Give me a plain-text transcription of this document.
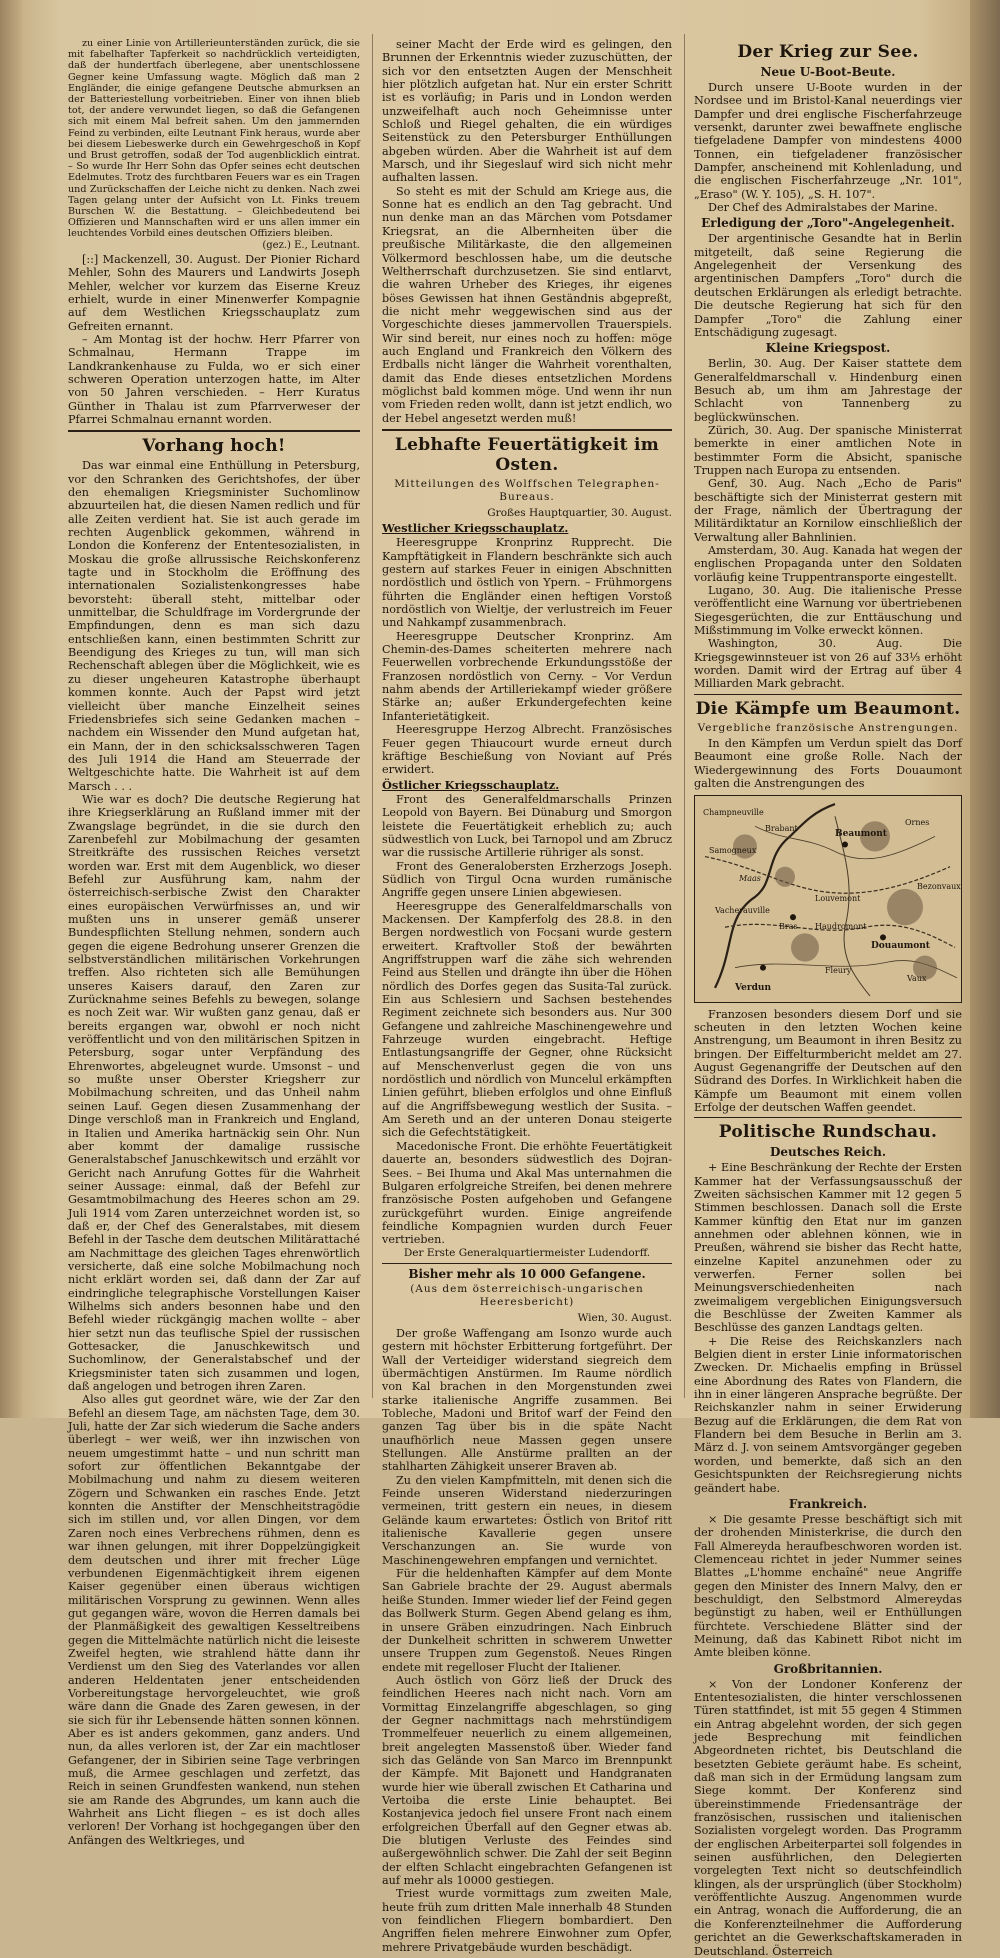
zu einer Linie von Artillerieunterständen zurück, die sie mit fabelhafter Tapferkeit so nachdrücklich verteidigten, daß der hundertfach überlegene, aber unentschlossene Gegner keine Umfassung wagte. Möglich daß man 2 Engländer, die einige gefangene Deutsche abmurksen an der Batteriestellung vorbeitrieben. Einer von ihnen blieb tot, der andere verwundet liegen, so daß die Gefangenen sich mit einem Mal befreit sahen. Um den jammernden Feind zu verbinden, eilte Leutnant Fink heraus, wurde aber bei diesem Liebeswerke durch ein Gewehrgeschoß in Kopf und Brust getroffen, sodaß der Tod augenblicklich eintrat. – So wurde Ihr Herr Sohn das Opfer seines echt deutschen Edelmutes. Trotz des furchtbaren Feuers war es ein Tragen und Zurückschaffen der Leiche nicht zu denken. Nach zwei Tagen gelang unter der Aufsicht von Lt. Finks treuem Burschen W. die Bestattung. – Gleichbedeutend bei Offizieren und Mannschaften wird er uns allen immer ein leuchtendes Vorbild eines deutschen Offiziers bleiben.

(gez.) E., Leutnant.

[::] Mackenzell, 30. August. Der Pionier Richard Mehler, Sohn des Maurers und Landwirts Joseph Mehler, welcher vor kurzem das Eiserne Kreuz erhielt, wurde in einer Minenwerfer Kompagnie auf dem Westlichen Kriegsschauplatz zum Gefreiten ernannt.

– Am Montag ist der hochw. Herr Pfarrer von Schmalnau, Hermann Trappe im Landkrankenhause zu Fulda, wo er sich einer schweren Operation unterzogen hatte, im Alter von 50 Jahren verschieden. – Herr Kuratus Günther in Thalau ist zum Pfarrverweser der Pfarrei Schmalnau ernannt worden.

Vorhang hoch!

Das war einmal eine Enthüllung in Petersburg, vor den Schranken des Gerichtshofes, der über den ehemaligen Kriegsminister Suchomlinow abzuurteilen hat, die diesen Namen redlich und für alle Zeiten verdient hat. Sie ist auch gerade im rechten Augenblick gekommen, während in London die Konferenz der Ententesozialisten, in Moskau die große allrussische Reichskonferenz tagte und in Stockholm die Eröffnung des internationalen Sozialistenkongresses habe bevorsteht: überall steht, mittelbar oder unmittelbar, die Schuldfrage im Vordergrunde der Empfindungen, denn es man sich dazu entschließen kann, einen bestimmten Schritt zur Beendigung des Krieges zu tun, will man sich Rechenschaft ablegen über die Möglichkeit, wie es zu dieser ungeheuren Katastrophe überhaupt kommen konnte. Auch der Papst wird jetzt vielleicht über manche Einzelheit seines Friedensbriefes sich seine Gedanken machen – nachdem ein Wissender den Mund aufgetan hat, ein Mann, der in den schicksalsschweren Tagen des Juli 1914 die Hand am Steuerrade der Weltgeschichte hatte. Die Wahrheit ist auf dem Marsch . . .

Wie war es doch? Die deutsche Regierung hat ihre Kriegserklärung an Rußland immer mit der Zwangslage begründet, in die sie durch den Zarenbefehl zur Mobilmachung der gesamten Streitkräfte des russischen Reiches versetzt worden war. Erst mit dem Augenblick, wo dieser Befehl zur Ausführung kam, nahm der österreichisch-serbische Zwist den Charakter eines europäischen Verwürfnisses an, und wir mußten uns in unserer gemäß unserer Bundespflichten Stellung nehmen, sondern auch gegen die eigene Bedrohung unserer Grenzen die selbstverständlichen militärischen Vorkehrungen treffen. Also richteten sich alle Bemühungen unseres Kaisers darauf, den Zaren zur Zurücknahme seines Befehls zu bewegen, solange es noch Zeit war. Wir wußten ganz genau, daß er bereits ergangen war, obwohl er noch nicht veröffentlicht und von den militärischen Spitzen in Petersburg, sogar unter Verpfändung des Ehrenwortes, abgeleugnet wurde. Umsonst – und so mußte unser Oberster Kriegsherr zur Mobilmachung schreiten, und das Unheil nahm seinen Lauf. Gegen diesen Zusammenhang der Dinge verschloß man in Frankreich und England, in Italien und Amerika hartnäckig sein Ohr. Nun aber kommt der damalige russische Generalstabschef Januschkewitsch und erzählt vor Gericht nach Anrufung Gottes für die Wahrheit seiner Aussage: einmal, daß der Befehl zur Gesamtmobilmachung des Heeres schon am 29. Juli 1914 vom Zaren unterzeichnet worden ist, so daß er, der Chef des Generalstabes, mit diesem Befehl in der Tasche dem deutschen Militärattaché am Nachmittage des gleichen Tages ehrenwörtlich versicherte, daß eine solche Mobilmachung noch nicht erklärt worden sei, daß dann der Zar auf eindringliche telegraphische Vorstellungen Kaiser Wilhelms sich anders besonnen habe und den Befehl wieder rückgängig machen wollte – aber hier setzt nun das teuflische Spiel der russischen Gottesacker, die Januschkewitsch und Suchomlinow, der Generalstabschef und der Kriegsminister taten sich zusammen und logen, daß angelogen und betrogen ihren Zaren.

Also alles gut geordnet wäre, wie der Zar den Befehl an diesem Tage, am nächsten Tage, dem 30. Juli, hatte der Zar sich wiederum die Sache anders überlegt – wer weiß, wer ihn inzwischen von neuem umgestimmt hatte – und nun schritt man sofort zur öffentlichen Bekanntgabe der Mobilmachung und nahm zu diesem weiteren Zögern und Schwanken ein rasches Ende. Jetzt konnten die Anstifter der Menschheitstragödie sich im stillen und, vor allen Dingen, vor dem Zaren noch eines Verbrechens rühmen, denn es war ihnen gelungen, mit ihrer Doppelzüngigkeit dem deutschen und ihrer mit frecher Lüge verbundenen Eigenmächtigkeit ihrem eigenen Kaiser gegenüber einen überaus wichtigen militärischen Vorsprung zu gewinnen. Wenn alles gut gegangen wäre, wovon die Herren damals bei der Planmäßigkeit des gewaltigen Kesseltreibens gegen die Mittelmächte natürlich nicht die leiseste Zweifel hegten, wie strahlend hätte dann ihr Verdienst um den Sieg des Vaterlandes vor allen anderen Heldentaten jener entscheidenden Vorbereitungstage hervorgeleuchtet, wie groß wäre dann die Gnade des Zaren gewesen, in der sie sich für ihr Lebensende hätten sonnen können. Aber es ist anders gekommen, ganz anders. Und nun, da alles verloren ist, der Zar ein machtloser Gefangener, der in Sibirien seine Tage verbringen muß, die Armee geschlagen und zerfetzt, das Reich in seinen Grundfesten wankend, nun stehen sie am Rande des Abgrundes, um kann auch die Wahrheit ans Licht fliegen – es ist doch alles verloren! Der Vorhang ist hochgegangen über den Anfängen des Weltkrieges, und

seiner Macht der Erde wird es gelingen, den Brunnen der Erkenntnis wieder zuzuschütten, der sich vor den entsetzten Augen der Menschheit hier plötzlich aufgetan hat. Nur ein erster Schritt ist es vorläufig; in Paris und in London werden unzweifelhaft auch noch Geheimnisse unter Schloß und Riegel gehalten, die ein würdiges Seitenstück zu den Petersburger Enthüllungen abgeben würden. Aber die Wahrheit ist auf dem Marsch, und ihr Siegeslauf wird sich nicht mehr aufhalten lassen.

So steht es mit der Schuld am Kriege aus, die Sonne hat es endlich an den Tag gebracht. Und nun denke man an das Märchen vom Potsdamer Kriegsrat, an die Albernheiten über die preußische Militärkaste, die den allgemeinen Völkermord beschlossen habe, um die deutsche Weltherrschaft durchzusetzen. Sie sind entlarvt, die wahren Urheber des Krieges, ihr eigenes böses Gewissen hat ihnen Geständnis abgepreßt, die nicht mehr weggewischen sind aus der Vorgeschichte dieses jammervollen Trauerspiels. Wir sind bereit, nur eines noch zu hoffen: möge auch England und Frankreich den Völkern des Erdballs nicht länger die Wahrheit vorenthalten, damit das Ende dieses entsetzlichen Mordens möglichst bald kommen möge. Und wenn ihr nun vom Frieden reden wollt, dann ist jetzt endlich, wo der Hebel angesetzt werden muß!

Lebhafte Feuertätigkeit im Osten.
Mitteilungen des Wolffschen Telegraphen-Bureaus.
Großes Hauptquartier, 30. August.
Westlicher Kriegsschauplatz.

Heeresgruppe Kronprinz Rupprecht. Die Kampftätigkeit in Flandern beschränkte sich auch gestern auf starkes Feuer in einigen Abschnitten nordöstlich und östlich von Ypern. – Frühmorgens führten die Engländer einen heftigen Vorstoß nordöstlich von Wieltje, der verlustreich im Feuer und Nahkampf zusammenbrach.

Heeresgruppe Deutscher Kronprinz. Am Chemin-des-Dames scheiterten mehrere nach Feuerwellen vorbrechende Erkundungsstöße der Franzosen nordöstlich von Cerny. – Vor Verdun nahm abends der Artilleriekampf wieder größere Stärke an; außer Erkundergefechten keine Infanterietätigkeit.

Heeresgruppe Herzog Albrecht. Französisches Feuer gegen Thiaucourt wurde erneut durch kräftige Beschießung von Noviant auf Prés erwidert.

Östlicher Kriegsschauplatz.

Front des Generalfeldmarschalls Prinzen Leopold von Bayern. Bei Dünaburg und Smorgon leistete die Feuertätigkeit erheblich zu; auch südwestlich von Luck, bei Tarnopol und am Zbrucz war die russische Artillerie rühriger als sonst.

Front des Generalobersten Erzherzogs Joseph. Südlich von Tirgul Ocna wurden rumänische Angriffe gegen unsere Linien abgewiesen.

Heeresgruppe des Generalfeldmarschalls von Mackensen. Der Kampferfolg des 28.8. in den Bergen nordwestlich von Focșani wurde gestern erweitert. Kraftvoller Stoß der bewährten Angriffstruppen warf die zähe sich wehrenden Feind aus Stellen und drängte ihn über die Höhen nördlich des Dorfes gegen das Susita-Tal zurück. Ein aus Schlesiern und Sachsen bestehendes Regiment zeichnete sich besonders aus. Nur 300 Gefangene und zahlreiche Maschinengewehre und Fahrzeuge wurden eingebracht. Heftige Entlastungsangriffe der Gegner, ohne Rücksicht auf Menschenverlust gegen die von uns nordöstlich und nördlich von Muncelul erkämpften Linien geführt, blieben erfolglos und ohne Einfluß auf die Angriffsbewegung westlich der Susita. – Am Sereth und an der unteren Donau steigerte sich die Gefechtstätigkeit.

Macedonische Front. Die erhöhte Feuertätigkeit dauerte an, besonders südwestlich des Dojran-Sees. – Bei Ihuma und Akal Mas unternahmen die Bulgaren erfolgreiche Streifen, bei denen mehrere französische Posten aufgehoben und Gefangene zurückgeführt wurden. Einige angreifende feindliche Kompagnien wurden durch Feuer vertrieben.

Der Erste Generalquartiermeister Ludendorff.
Bisher mehr als 10 000 Gefangene.
(Aus dem österreichisch-ungarischen Heeresbericht)
Wien, 30. August.

Der große Waffengang am Isonzo wurde auch gestern mit höchster Erbitterung fortgeführt. Der Wall der Verteidiger widerstand siegreich dem übermächtigen Anstürmen. Im Raume nördlich von Kal brachen in den Morgenstunden zwei starke italienische Angriffe zusammen. Bei Tobleche, Madoni und Britof warf der Feind den ganzen Tag über bis in die späte Nacht unaufhörlich neue Massen gegen unsere Stellungen. Alle Anstürme prallten an der stahlharten Zähigkeit unserer Braven ab.

Zu den vielen Kampfmitteln, mit denen sich die Feinde unseren Widerstand niederzuringen vermeinen, tritt gestern ein neues, in diesem Gelände kaum erwartetes: Östlich von Britof ritt italienische Kavallerie gegen unsere Verschanzungen an. Sie wurde von Maschinengewehren empfangen und vernichtet.

Für die heldenhaften Kämpfer auf dem Monte San Gabriele brachte der 29. August abermals heiße Stunden. Immer wieder lief der Feind gegen das Bollwerk Sturm. Gegen Abend gelang es ihm, in unsere Gräben einzudringen. Nach Einbruch der Dunkelheit schritten in schwerem Unwetter unsere Truppen zum Gegenstoß. Neues Ringen endete mit regelloser Flucht der Italiener.

Auch östlich von Görz ließ der Druck des feindlichen Heeres nach nicht nach. Vorn am Vormittag Einzelangriffe abgeschlagen, so ging der Gegner nachmittags nach mehrstündigem Trommelfeuer neuerlich zu einem allgemeinen, breit angelegten Massenstoß über. Wieder fand sich das Gelände von San Marco im Brennpunkt der Kämpfe. Mit Bajonett und Handgranaten wurde hier wie überall zwischen Et Catharina und Vertoiba die erste Linie behauptet. Bei Kostanjevica jedoch fiel unsere Front nach einem erfolgreichen Überfall auf den Gegner etwas ab. Die blutigen Verluste des Feindes sind außergewöhnlich schwer. Die Zahl der seit Beginn der elften Schlacht eingebrachten Gefangenen ist auf mehr als 10000 gestiegen.

Triest wurde vormittags zum zweiten Male, heute früh zum dritten Male innerhalb 48 Stunden von feindlichen Fliegern bombardiert. Den Angriffen fielen mehrere Einwohner zum Opfer, mehrere Privatgebäude wurden beschädigt.

Der Krieg zur See.
Neue U-Boot-Beute.

Durch unsere U-Boote wurden in der Nordsee und im Bristol-Kanal neuerdings vier Dampfer und drei englische Fischerfahrzeuge versenkt, darunter zwei bewaffnete englische tiefgeladene Dampfer von mindestens 4000 Tonnen, ein tiefgeladener französischer Dampfer, anscheinend mit Kohlenladung, und die englischen Fischerfahrzeuge „Nr. 101", „Eraso" (W. Y. 105), „S. H. 107".

Der Chef des Admiralstabes der Marine.

Erledigung der „Toro"-Angelegenheit.

Der argentinische Gesandte hat in Berlin mitgeteilt, daß seine Regierung die Angelegenheit der Versenkung des argentinischen Dampfers „Toro" durch die deutschen Erklärungen als erledigt betrachte. Die deutsche Regierung hat sich für den Dampfer „Toro" die Zahlung einer Entschädigung zugesagt.

Kleine Kriegspost.

Berlin, 30. Aug. Der Kaiser stattete dem Generalfeldmarschall v. Hindenburg einen Besuch ab, um ihm am Jahrestage der Schlacht von Tannenberg zu beglückwünschen.

Zürich, 30. Aug. Der spanische Ministerrat bemerkte in einer amtlichen Note in bestimmter Form die Absicht, spanische Truppen nach Europa zu entsenden.

Genf, 30. Aug. Nach „Echo de Paris" beschäftigte sich der Ministerrat gestern mit der Frage, nämlich der Übertragung der Militärdiktatur an Kornilow einschließlich der Verwaltung aller Bahnlinien.

Amsterdam, 30. Aug. Kanada hat wegen der englischen Propaganda unter den Soldaten vorläufig keine Truppentransporte eingestellt.

Lugano, 30. Aug. Die italienische Presse veröffentlicht eine Warnung vor übertriebenen Siegesgerüchten, die zur Enttäuschung und Mißstimmung im Volke erweckt können.

Washington, 30. Aug. Die Kriegsgewinnsteuer ist von 26 auf 33⅓ erhöht worden. Damit wird der Ertrag auf über 4 Milliarden Mark gebracht.

Die Kämpfe um Beaumont.
Vergebliche französische Anstrengungen.

In den Kämpfen um Verdun spielt das Dorf Beaumont eine große Rolle. Nach der Wiedergewinnung des Forts Douaumont galten die Anstrengungen des

Beaumont
Samogneux
Brabant
Vacherauville
Bras
Douaumont
Ornes
Bezonvaux
Louvemont
Haudromont
Champneuville
Fleury
Vaux
Maas
Verdun

Franzosen besonders diesem Dorf und sie scheuten in den letzten Wochen keine Anstrengung, um Beaumont in ihren Besitz zu bringen. Der Eiffelturmbericht meldet am 27. August Gegenangriffe der Deutschen auf den Südrand des Dorfes. In Wirklichkeit haben die Kämpfe um Beaumont mit einem vollen Erfolge der deutschen Waffen geendet.

Politische Rundschau.
Deutsches Reich.

+ Eine Beschränkung der Rechte der Ersten Kammer hat der Verfassungsausschuß der Zweiten sächsischen Kammer mit 12 gegen 5 Stimmen beschlossen. Danach soll die Erste Kammer künftig den Etat nur im ganzen annehmen oder ablehnen können, wie in Preußen, während sie bisher das Recht hatte, einzelne Kapitel anzunehmen oder zu verwerfen. Ferner sollen bei Meinungsverschiedenheiten nach zweimaligem vergeblichen Einigungsversuch die Beschlüsse der Zweiten Kammer als Beschlüsse des ganzen Landtags gelten.

+ Die Reise des Reichskanzlers nach Belgien dient in erster Linie informatorischen Zwecken. Dr. Michaelis empfing in Brüssel eine Abordnung des Rates von Flandern, die ihn in einer längeren Ansprache begrüßte. Der Reichskanzler nahm in seiner Erwiderung Bezug auf die Erklärungen, die dem Rat von Flandern bei dem Besuche in Berlin am 3. März d. J. von seinem Amtsvorgänger gegeben worden, und bemerkte, daß sich an den Gesichtspunkten der Reichsregierung nichts geändert habe.

Frankreich.

× Die gesamte Presse beschäftigt sich mit der drohenden Ministerkrise, die durch den Fall Almereyda heraufbeschworen worden ist. Clemenceau richtet in jeder Nummer seines Blattes „L'homme enchaîné" neue Angriffe gegen den Minister des Innern Malvy, den er beschuldigt, den Selbstmord Almereydas begünstigt zu haben, weil er Enthüllungen fürchtete. Verschiedene Blätter sind der Meinung, daß das Kabinett Ribot nicht im Amte bleiben könne.

Großbritannien.

× Von der Londoner Konferenz der Ententesozialisten, die hinter verschlossenen Türen stattfindet, ist mit 55 gegen 4 Stimmen ein Antrag abgelehnt worden, der sich gegen jede Besprechung mit feindlichen Abgeordneten richtet, bis Deutschland die besetzten Gebiete geräumt habe. Es scheint, daß man sich in der Ermüdung langsam zum Siege kommt. Der Konferenz sind übereinstimmende Friedensanträge der französischen, russischen und italienischen Sozialisten vorgelegt worden. Das Programm der englischen Arbeiterpartei soll folgendes in seinen ausführlichen, den Delegierten vorgelegten Text nicht so deutschfeindlich klingen, als der ursprünglich (über Stockholm) veröffentlichte Auszug. Angenommen wurde ein Antrag, wonach die Aufforderung, die an die Konferenzteilnehmer die Aufforderung gerichtet an die Gewerkschaftskameraden in Deutschland. Österreich
